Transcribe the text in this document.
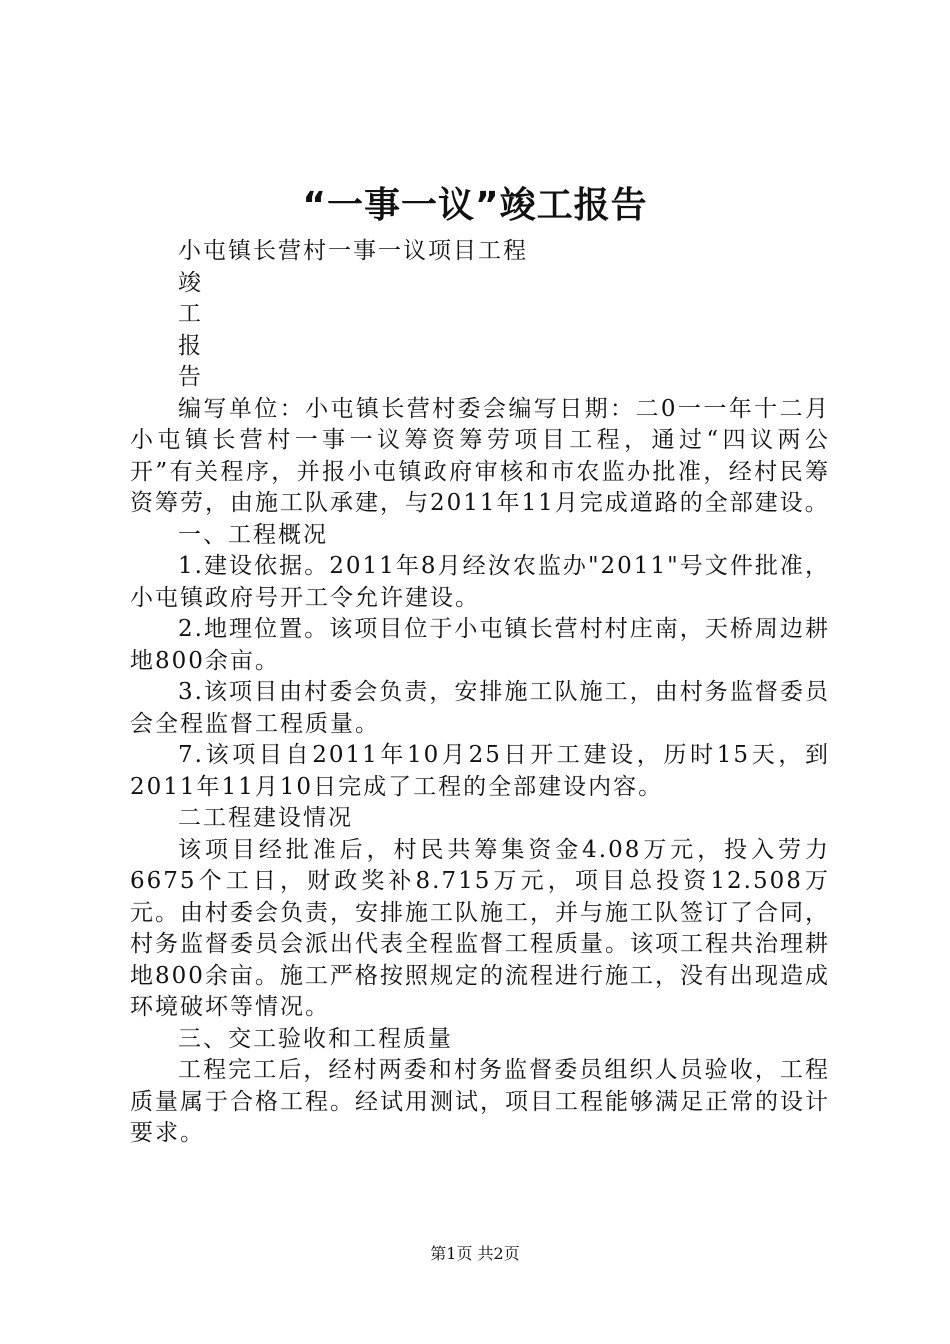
“一事一议”竣工报告

小屯镇长营村一事一议项目工程

竣

工

报

告

编写单位：小屯镇长营村委会编写日期：二0一一年十二月小屯镇长营村一事一议筹资筹劳项目工程，通过“四议两公开”有关程序，并报小屯镇政府审核和市农监办批准，经村民筹资筹劳，由施工队承建，与2011年11月完成道路的全部建设。

一、工程概况

1.建设依据。2011年8月经汝农监办"2011"号文件批准，小屯镇政府号开工令允许建设。

2.地理位置。该项目位于小屯镇长营村村庄南，天桥周边耕地800余亩。

3.该项目由村委会负责，安排施工队施工，由村务监督委员会全程监督工程质量。

7.该项目自2011年10月25日开工建设，历时15天，到2011年11月10日完成了工程的全部建设内容。

二工程建设情况

该项目经批准后，村民共筹集资金4.08万元，投入劳力6675个工日，财政奖补8.715万元，项目总投资12.508万元。由村委会负责，安排施工队施工，并与施工队签订了合同，村务监督委员会派出代表全程监督工程质量。该项工程共治理耕地800余亩。施工严格按照规定的流程进行施工，没有出现造成环境破坏等情况。

三、交工验收和工程质量

工程完工后，经村两委和村务监督委员组织人员验收，工程质量属于合格工程。经试用测试，项目工程能够满足正常的设计要求。

第1页 共2页
